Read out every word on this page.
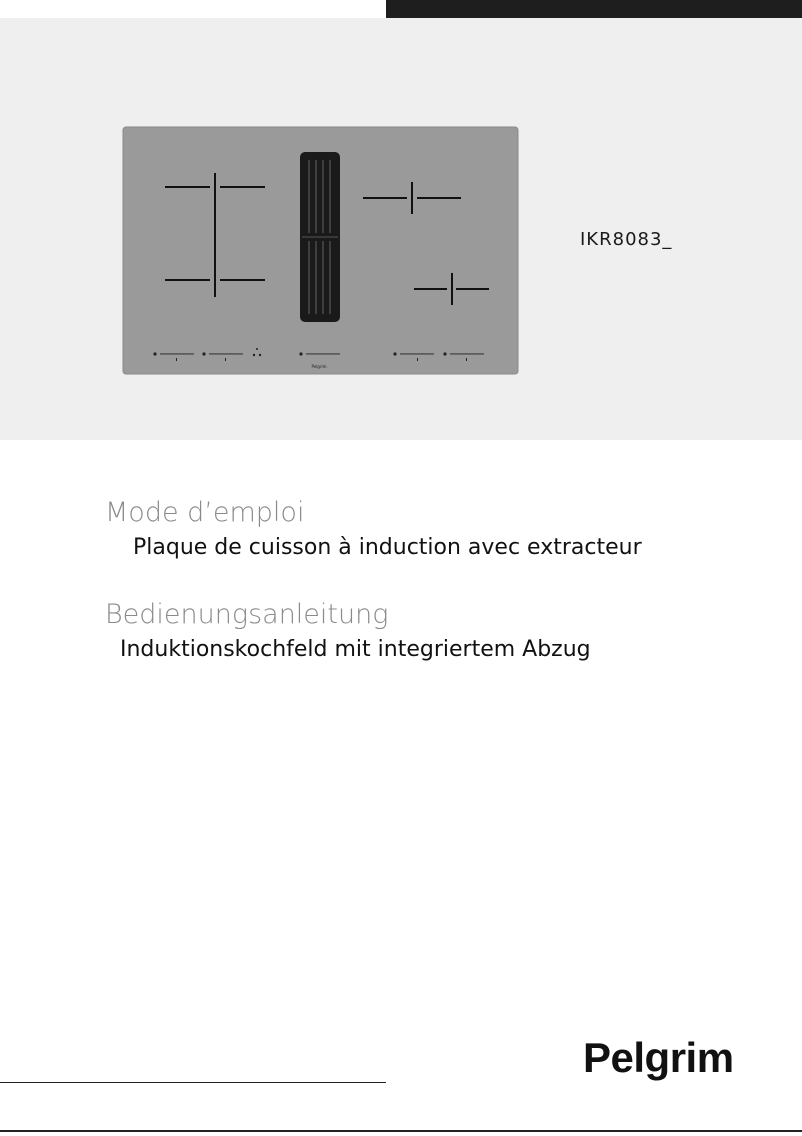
Pelgrim
IKR8083_
Mode d’emploi
Plaque de cuisson à induction avec extracteur
Bedienungsanleitung
Induktionskochfeld mit integriertem Abzug
Pelgrim
